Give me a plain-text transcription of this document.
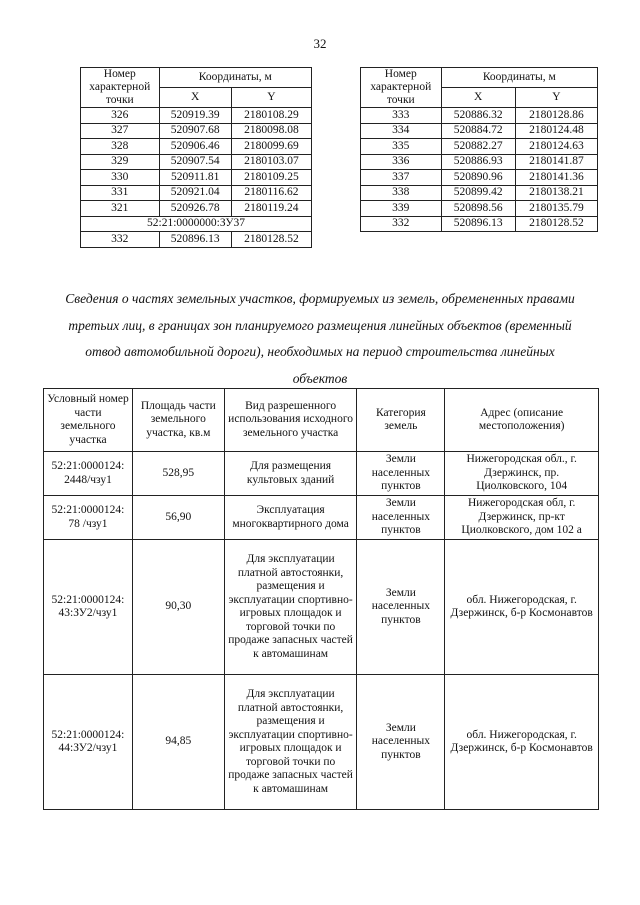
32
Номер характерной точки	Координаты, м	
	X	Y
326	520919.39	2180108.29
327	520907.68	2180098.08
328	520906.46	2180099.69
329	520907.54	2180103.07
330	520911.81	2180109.25
331	520921.04	2180116.62
321	520926.78	2180119.24
52:21:0000000:ЗУ37		
332	520896.13	2180128.52
Номер характерной точки	Координаты, м	
	X	Y
333	520886.32	2180128.86
334	520884.72	2180124.48
335	520882.27	2180124.63
336	520886.93	2180141.87
337	520890.96	2180141.36
338	520899.42	2180138.21
339	520898.56	2180135.79
332	520896.13	2180128.52
Сведения о частях земельных участков, формируемых из земель, обремененных правами третьих лиц, в границах зон планируемого размещения линейных объектов (временный отвод автомобильной дороги), необходимых на период строительства линейных объектов
Условный номер части земельного участка	Площадь части земельного участка, кв.м	Вид разрешенного использования исходного земельного участка	Категория земель	Адрес (описание местоположения)
52:21:0000124: 2448/чзу1	528,95	Для размещения культовых зданий	Земли населенных пунктов	Нижегородская обл., г. Дзержинск, пр. Циолковского, 104
52:21:0000124: 78 /чзу1	56,90	Эксплуатация многоквартирного дома	Земли населенных пунктов	Нижегородская обл, г. Дзержинск, пр-кт Циолковского, дом 102 а
52:21:0000124: 43:ЗУ2/чзу1	90,30	Для эксплуатации платной автостоянки, размещения и эксплуатации спортивно-игровых площадок и торговой точки по продаже запасных частей к автомашинам	Земли населенных пунктов	обл. Нижегородская, г. Дзержинск, б-р Космонавтов
52:21:0000124: 44:ЗУ2/чзу1	94,85	Для эксплуатации платной автостоянки, размещения и эксплуатации спортивно-игровых площадок и торговой точки по продаже запасных частей к автомашинам	Земли населенных пунктов	обл. Нижегородская, г. Дзержинск, б-р Космонавтов
